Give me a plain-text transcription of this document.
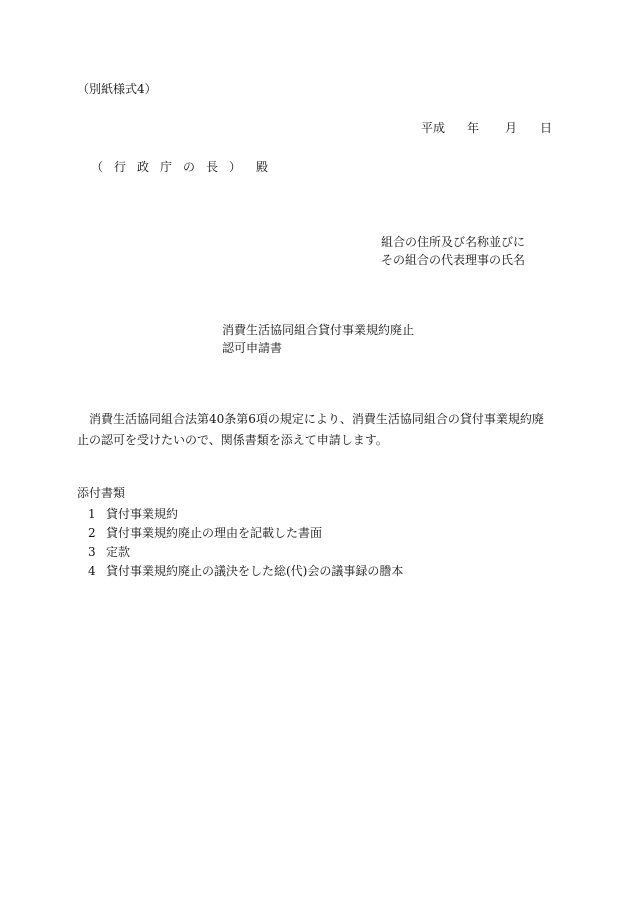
（別紙様式4）
平成 年 月 日
（行政庁の長） 殿
組合の住所及び名称並びに
その組合の代表理事の氏名
消費生活協同組合貸付事業規約廃止
認可申請書
消費生活協同組合法第40条第6項の規定により、消費生活協同組合の貸付事業規約廃止の認可を受けたいので、関係書類を添えて申請します。
添付書類
1 貸付事業規約
2 貸付事業規約廃止の理由を記載した書面
3 定款
4 貸付事業規約廃止の議決をした総(代)会の議事録の謄本
